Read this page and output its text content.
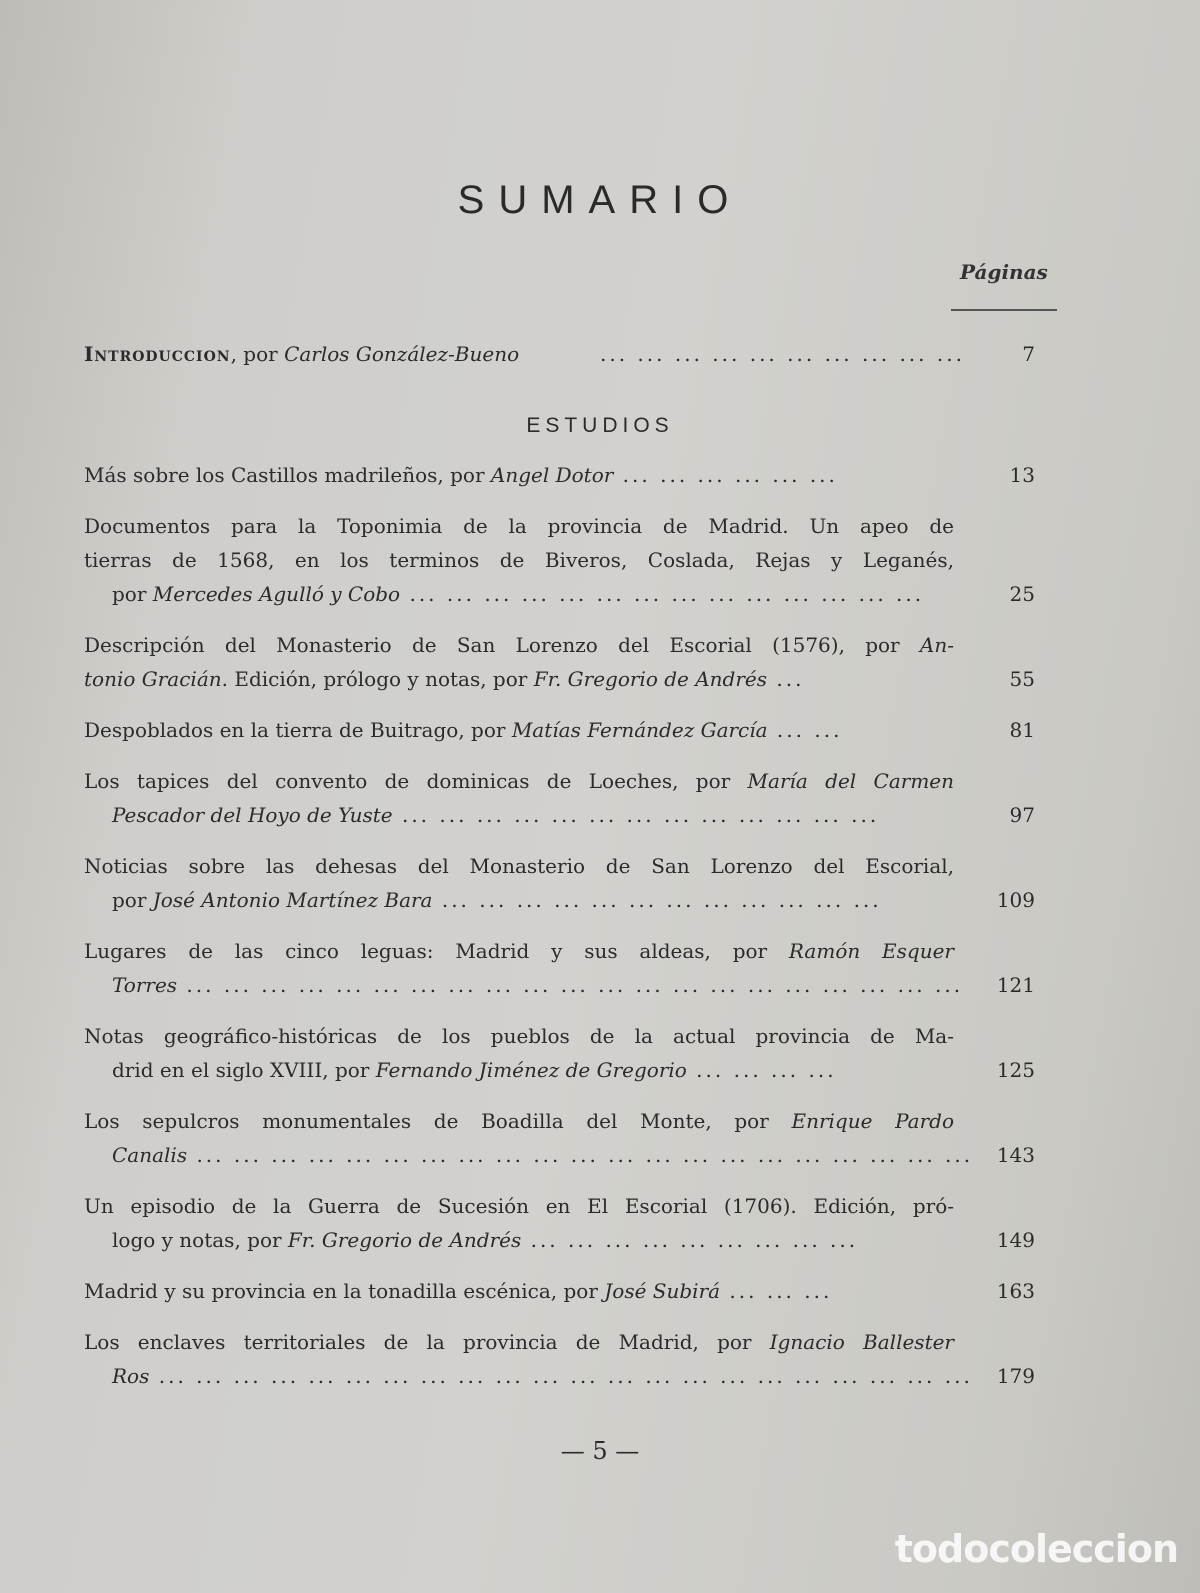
SUMARIO
Páginas
Introduccion, por Carlos González-Bueno	... ... ... ... ... ... ... ... ... ...	7
ESTUDIOS
Más sobre los Castillos madrileños, por Angel Dotor ... ... ... ... ... ...	13
Documentos para la Toponimia de la provincia de Madrid. Un apeo de
tierras de 1568, en los terminos de Biveros, Coslada, Rejas y Leganés,
por Mercedes Agulló y Cobo ... ... ... ... ... ... ... ... ... ... ... ... ... ...	25
Descripción del Monasterio de San Lorenzo del Escorial (1576), por An-
tonio Gracián. Edición, prólogo y notas, por Fr. Gregorio de Andrés ...	55
Despoblados en la tierra de Buitrago, por Matías Fernández García ... ...	81
Los tapices del convento de dominicas de Loeches, por María del Carmen
Pescador del Hoyo de Yuste ... ... ... ... ... ... ... ... ... ... ... ... ...	97
Noticias sobre las dehesas del Monasterio de San Lorenzo del Escorial,
por José Antonio Martínez Bara ... ... ... ... ... ... ... ... ... ... ... ...	109
Lugares de las cinco leguas: Madrid y sus aldeas, por Ramón Esquer
Torres ... ... ... ... ... ... ... ... ... ... ... ... ... ... ... ... ... ... ... ... ...	121
Notas geográfico-históricas de los pueblos de la actual provincia de Ma-
drid en el siglo XVIII, por Fernando Jiménez de Gregorio ... ... ... ...	125
Los sepulcros monumentales de Boadilla del Monte, por Enrique Pardo
Canalis ... ... ... ... ... ... ... ... ... ... ... ... ... ... ... ... ... ... ... ... ...	143
Un episodio de la Guerra de Sucesión en El Escorial (1706). Edición, pró-
logo y notas, por Fr. Gregorio de Andrés ... ... ... ... ... ... ... ... ...	149
Madrid y su provincia en la tonadilla escénica, por José Subirá ... ... ...	163
Los enclaves territoriales de la provincia de Madrid, por Ignacio Ballester
Ros ... ... ... ... ... ... ... ... ... ... ... ... ... ... ... ... ... ... ... ... ... ...	179
— 5 —
todocoleccion
